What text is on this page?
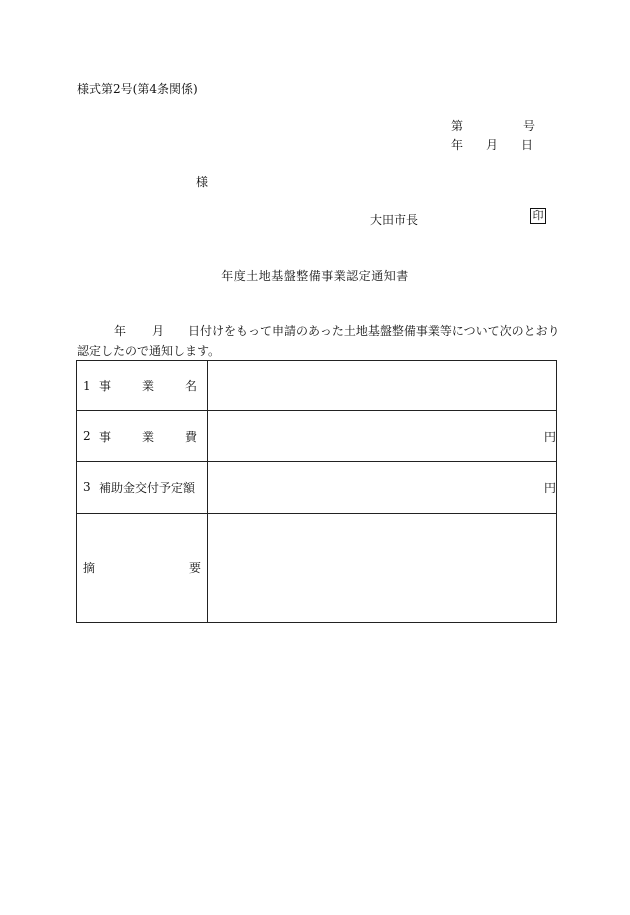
様式第2号(第4条関係)
第	号
年 月 日
様
大田市長	印
年度土地基盤整備事業認定通知書
年 月 日付けをもって申請のあった土地基盤整備事業等について次のとおり
認定したので通知します。
1 事 業 名	

2 事 業 費	円

3 補助金交付予定額	円

摘 要	
